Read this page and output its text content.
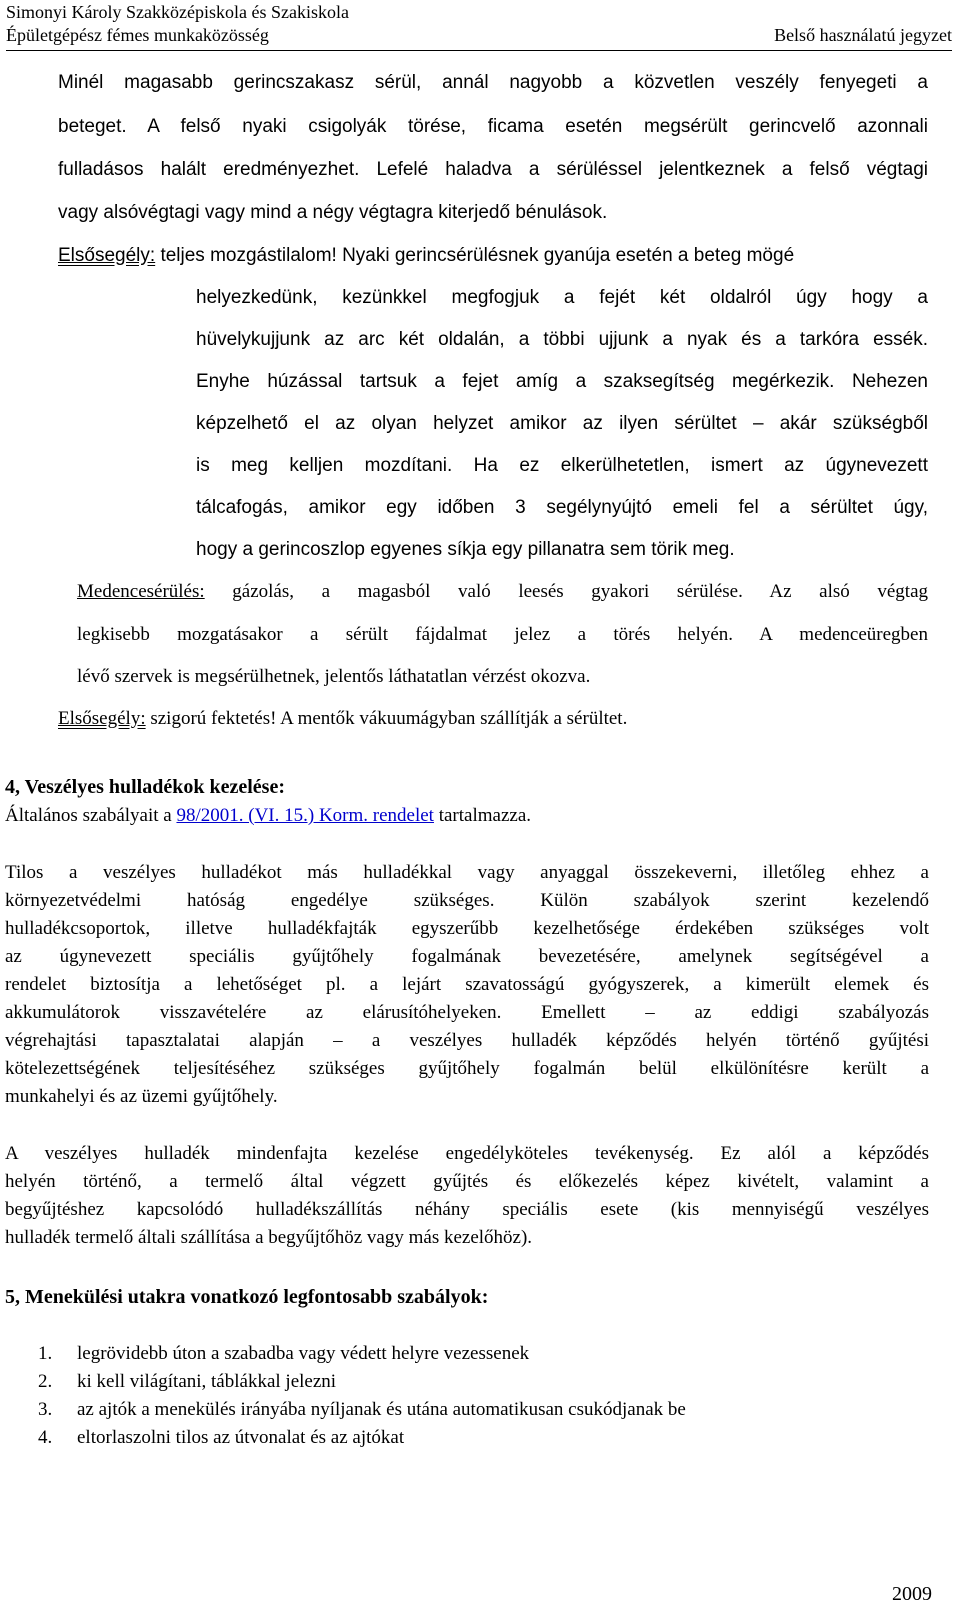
Simonyi Károly Szakközépiskola és Szakiskola
Épületgépész fémes munkaközösség	Belső használatú jegyzet
Minél magasabb gerincszakasz sérül, annál nagyobb a közvetlen veszély fenyegeti a
beteget. A felső nyaki csigolyák törése, ficama esetén megsérült gerincvelő azonnali
fulladásos halált eredményezhet. Lefelé haladva a sérüléssel jelentkeznek a felső végtagi
vagy alsóvégtagi vagy mind a négy végtagra kiterjedő bénulások.
Elsősegély: teljes mozgástilalom! Nyaki gerincsérülésnek gyanúja esetén a beteg mögé
helyezkedünk, kezünkkel megfogjuk a fejét két oldalról úgy hogy a
hüvelykujjunk az arc két oldalán, a többi ujjunk a nyak és a tarkóra essék.
Enyhe húzással tartsuk a fejet amíg a szaksegítség megérkezik. Nehezen
képzelhető el az olyan helyzet amikor az ilyen sérültet – akár szükségből
is meg kelljen mozdítani. Ha ez elkerülhetetlen, ismert az úgynevezett
tálcafogás, amikor egy időben 3 segélynyújtó emeli fel a sérültet úgy,
hogy a gerincoszlop egyenes síkja egy pillanatra sem törik meg.
Medencesérülés: gázolás, a magasból való leesés gyakori sérülése. Az alsó végtag
legkisebb mozgatásakor a sérült fájdalmat jelez a törés helyén. A medenceüregben
lévő szervek is megsérülhetnek, jelentős láthatatlan vérzést okozva.
Elsősegély: szigorú fektetés! A mentők vákuumágyban szállítják a sérültet.
4, Veszélyes hulladékok kezelése:
Általános szabályait a 98/2001. (VI. 15.) Korm. rendelet tartalmazza.
Tilos a veszélyes hulladékot más hulladékkal vagy anyaggal összekeverni, illetőleg ehhez a
környezetvédelmi hatóság engedélye szükséges. Külön szabályok szerint kezelendő
hulladékcsoportok, illetve hulladékfajták egyszerűbb kezelhetősége érdekében szükséges volt
az úgynevezett speciális gyűjtőhely fogalmának bevezetésére, amelynek segítségével a
rendelet biztosítja a lehetőséget pl. a lejárt szavatosságú gyógyszerek, a kimerült elemek és
akkumulátorok visszavételére az elárusítóhelyeken. Emellett – az eddigi szabályozás
végrehajtási tapasztalatai alapján – a veszélyes hulladék képződés helyén történő gyűjtési
kötelezettségének teljesítéséhez szükséges gyűjtőhely fogalmán belül elkülönítésre került a
munkahelyi és az üzemi gyűjtőhely.
A veszélyes hulladék mindenfajta kezelése engedélyköteles tevékenység. Ez alól a képződés
helyén történő, a termelő által végzett gyűjtés és előkezelés képez kivételt, valamint a
begyűjtéshez kapcsolódó hulladékszállítás néhány speciális esete (kis mennyiségű veszélyes
hulladék termelő általi szállítása a begyűjtőhöz vagy más kezelőhöz).
5, Menekülési utakra vonatkozó legfontosabb szabályok:
1. legrövidebb úton a szabadba vagy védett helyre vezessenek
2. ki kell világítani, táblákkal jelezni
3. az ajtók a menekülés irányába nyíljanak és utána automatikusan csukódjanak be
4. eltorlaszolni tilos az útvonalat és az ajtókat
2009
